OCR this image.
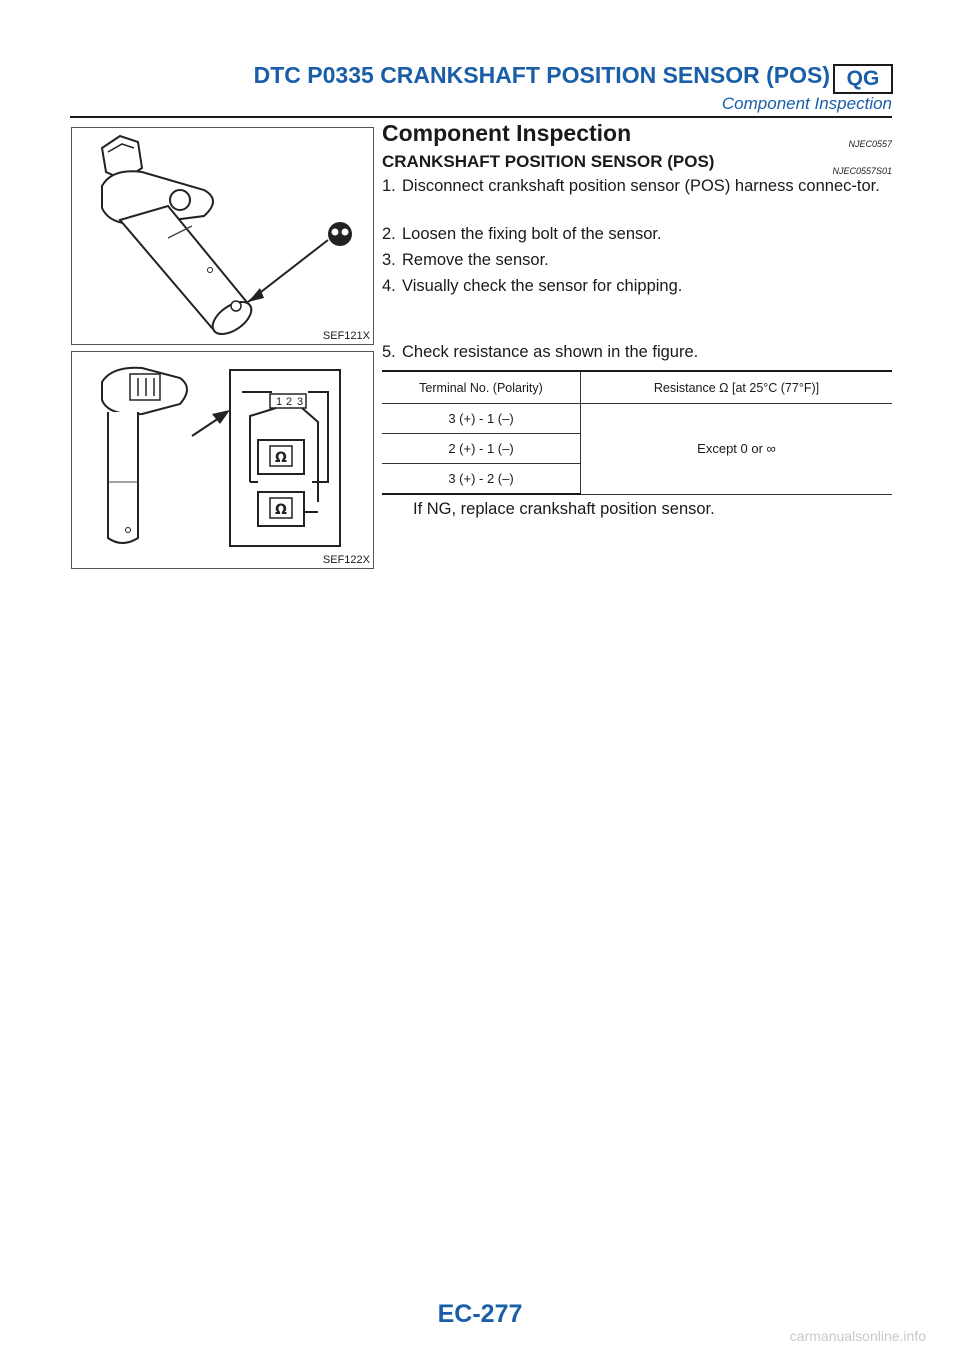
DTC P0335 CRANKSHAFT POSITION SENSOR (POS) QG
Component Inspection
SEF121X
1 2 3
Ω
Ω
SEF122X
Component Inspection	NJEC0557
CRANKSHAFT POSITION SENSOR (POS)	NJEC0557S01
1. Disconnect crankshaft position sensor (POS) harness connec-tor.
2. Loosen the fixing bolt of the sensor.
3. Remove the sensor.
4. Visually check the sensor for chipping.
5. Check resistance as shown in the figure.
Terminal No. (Polarity)	Resistance Ω [at 25°C (77°F)]
3 (+) - 1 (–)	Except 0 or ∞
2 (+) - 1 (–)	
3 (+) - 2 (–)	
If NG, replace crankshaft position sensor.
EC-277
carmanualsonline.info
